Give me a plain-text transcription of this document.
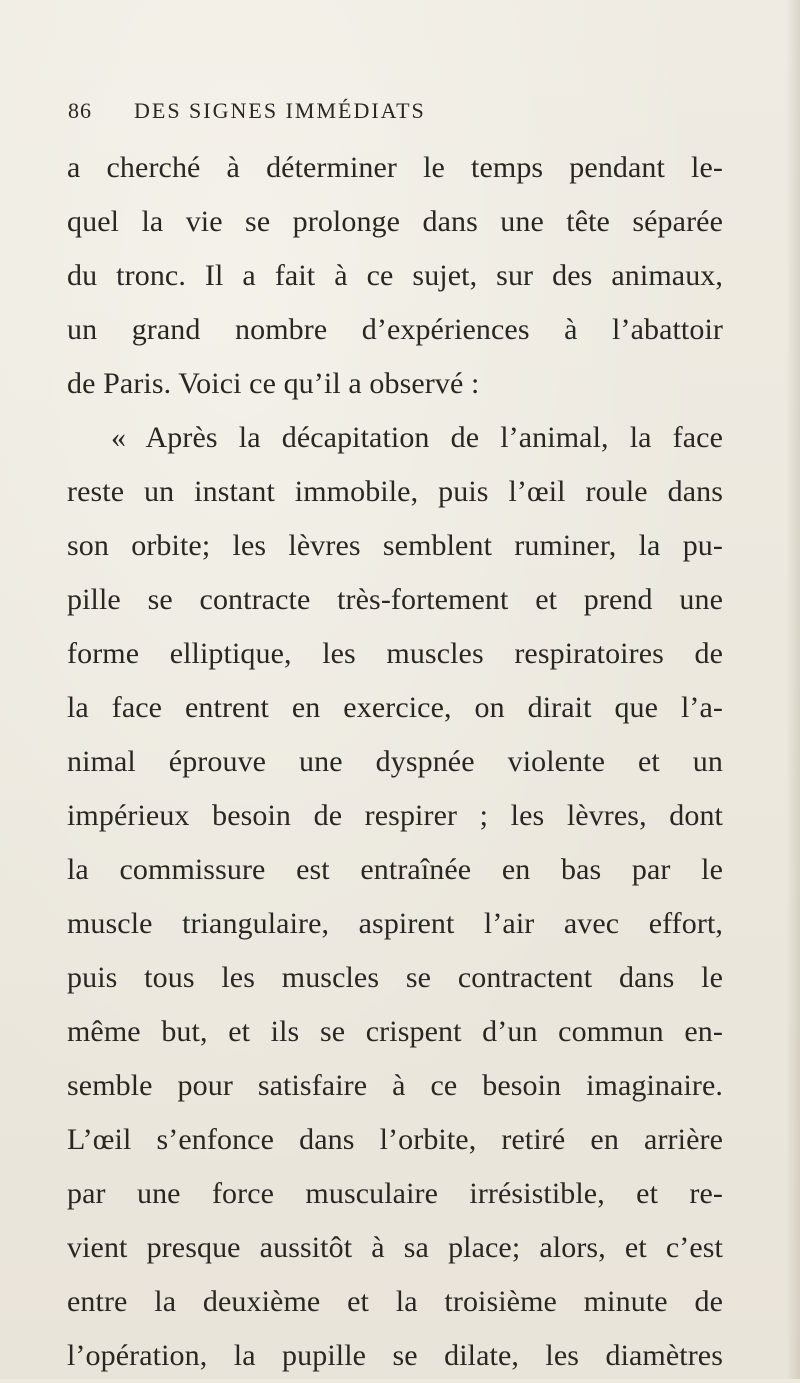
86 DES SIGNES IMMÉDIATS
a cherché à déterminer le temps pendant le-
quel la vie se prolonge dans une tête séparée
du tronc. Il a fait à ce sujet, sur des animaux,
un grand nombre d’expériences à l’abattoir
de Paris. Voici ce qu’il a observé :
« Après la décapitation de l’animal, la face
reste un instant immobile, puis l’œil roule dans
son orbite; les lèvres semblent ruminer, la pu-
pille se contracte très-fortement et prend une
forme elliptique, les muscles respiratoires de
la face entrent en exercice, on dirait que l’a-
nimal éprouve une dyspnée violente et un
impérieux besoin de respirer ; les lèvres, dont
la commissure est entraînée en bas par le
muscle triangulaire, aspirent l’air avec effort,
puis tous les muscles se contractent dans le
même but, et ils se crispent d’un commun en-
semble pour satisfaire à ce besoin imaginaire.
L’œil s’enfonce dans l’orbite, retiré en arrière
par une force musculaire irrésistible, et re-
vient presque aussitôt à sa place; alors, et c’est
entre la deuxième et la troisième minute de
l’opération, la pupille se dilate, les diamètres
